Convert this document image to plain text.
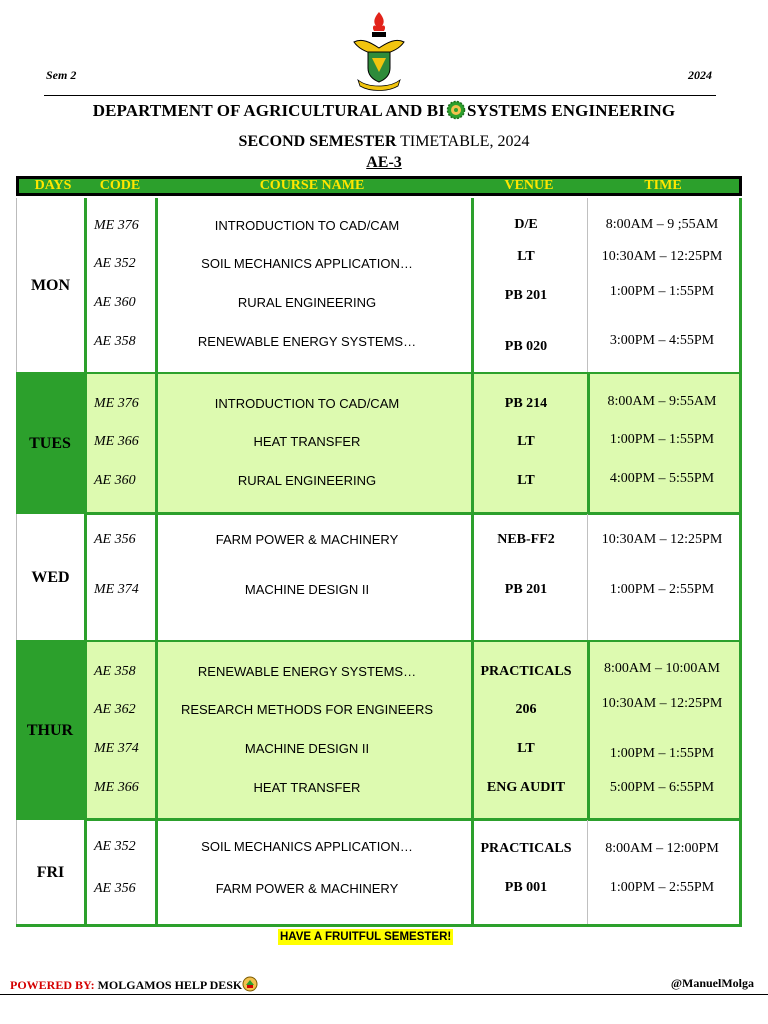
Sem 2	2024
DEPARTMENT OF AGRICULTURAL AND BI SYSTEMS ENGINEERING
SECOND SEMESTER TIMETABLE, 2024
AE-3
DAYS	CODE	COURSE NAME	VENUE	TIME
MON
ME 376	INTRODUCTION TO CAD/CAM	D/E	8:00AM – 9 ;55AM
AE 352	SOIL MECHANICS APPLICATION…	LT	10:30AM – 12:25PM
AE 360	RURAL ENGINEERING	PB 201	1:00PM – 1:55PM
AE 358	RENEWABLE ENERGY SYSTEMS…	PB 020	3:00PM – 4:55PM
TUES
ME 376	INTRODUCTION TO CAD/CAM	PB 214	8:00AM – 9:55AM
ME 366	HEAT TRANSFER	LT	1:00PM – 1:55PM
AE 360	RURAL ENGINEERING	LT	4:00PM – 5:55PM
WED
AE 356	FARM POWER & MACHINERY	NEB-FF2	10:30AM – 12:25PM
ME 374	MACHINE DESIGN II	PB 201	1:00PM – 2:55PM
THUR
AE 358	RENEWABLE ENERGY SYSTEMS…	PRACTICALS	8:00AM – 10:00AM
AE 362	RESEARCH METHODS FOR ENGINEERS	206	10:30AM – 12:25PM
ME 374	MACHINE DESIGN II	LT	1:00PM – 1:55PM
ME 366	HEAT TRANSFER	ENG AUDIT	5:00PM – 6:55PM
FRI
AE 352	SOIL MECHANICS APPLICATION…	PRACTICALS	8:00AM – 12:00PM
AE 356	FARM POWER & MACHINERY	PB 001	1:00PM – 2:55PM
HAVE A FRUITFUL SEMESTER!
POWERED BY: MOLGAMOS HELP DESK	@ManuelMolga
